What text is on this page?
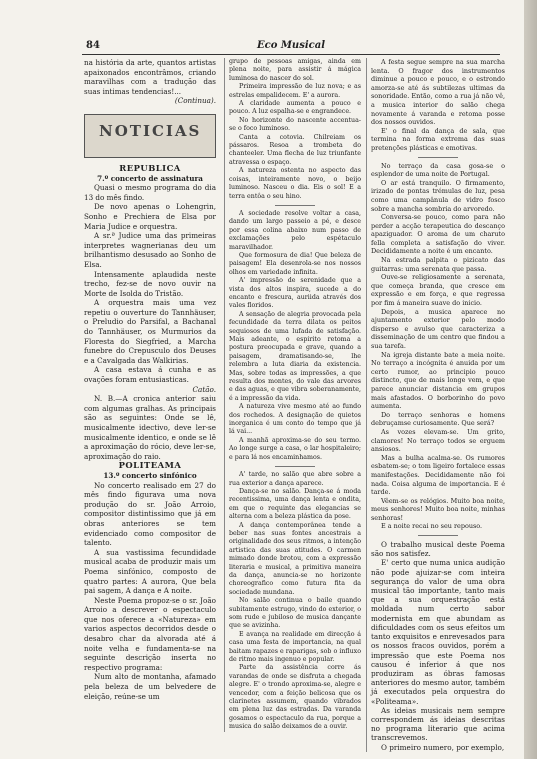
84	Eco Musical

na história da arte, quantos artistas apaixonados encontrâmos, criando maravilhas com a tradução das suas intimas tendencias!...

(Continua).

NOTICIAS

REPUBLICA

7.º concerto de assinatura

Quasi o mesmo programa do dia 13 do mês findo.

De novo apenas o Lohengrin, Sonho e Prechiera de Elsa por Maria Judice e orquestra.

A sr.ª Judice uma das primeiras interpretes wagnerianas deu um brilhantismo desusado ao Sonho de Elsa.

Intensamente aplaudida neste trecho, fez-se de novo ouvir na Morte de Isolda do Tristão.

A orquestra mais uma vez repetiu o ouverture do Tannhäuser, o Preludio do Parsifal, a Bachanal do Tannhäuser, os Murmurios da Floresta do Siegfried, a Marcha funebre do Crepusculo dos Deuses e a Cavalgada das Walkirias.

A casa estava á cunha e as ovações foram entusiasticas.

Catão.

N. B.—A cronica anterior saiu com algumas gralhas. As principais são as seguintes: Onde se lê, musicalmente idectivo, deve ler-se musicalmente identico, e onde se lê a aproximação do rócio, deve ler-se, aproximação do raio.

POLITEAMA

13.º concerto sinfónico

No concerto realisado em 27 do mês findo figurava uma nova produção do sr. João Arroio, compositor distintissimo que já em obras anteriores se tem evidenciado como compositor de talento.

A sua vastissima fecundidade musical acaba de produzir mais um Poema sinfónico, composto de quatro partes: A aurora, Que bela pai sagem, A dança e A noite.

Neste Poema propoz-se o sr. João Arroio a descrever o espectaculo que nos oferece a «Natureza» em varios aspectos decorridos desde o desabro char da alvorada até á noite velha e fundamenta-se na seguinte descrição inserta no respectivo programa:

Num alto de montanha, afamado pela beleza de um belvedere de eleição, reúne-se um

grupo de pessoas amigas, ainda em plena noite, para assistir á mágica luminosa do nascer do sol.

Primeira impressão de luz nova; e as estrelas empalidecem. E' a aurora.

A claridade aumenta a pouco e pouco. A luz espalha-se e engrandece.

No horizonte do nascente accentua-se o foco luminoso.

Canta a cotovia. Chilreiam os pássaros. Resoa a trombeta do chanteeler. Uma flecha de luz triunfante atravessa o espaço.

A natureza ostenta no aspecto das coisas, inteiramente novo, o beijo luminoso. Nasceu o dia. Eis o sol! E a terra entôa o seu hino.

A sociedade resolve voltar a casa, dando um largo passeio a pé, e desce por essa colina abaixo num passo de exclamações pelo espétaculo maravilhador.

Que formosura de dia! Que beleza de paisagem! Ela desenrola-se nos nossos olhos em variedade infinita.

A' impressão de serenidade que a vista dos altos inspira, sucede a do encanto e frescura, auriida através dos vales floridos.

A sensação de alegria provocada pela fecundidade da terra dilata os peitos sequiosos de uma lufada de satisfação. Mais adeante, o espirito retoma a postura preocupada e grave, quando a paisagem, dramatisando-se, lhe relembra a luta diaria da existencia. Mas, sobre todas as impressões, a que resulta dos montes, do vale das arvores e das aguas, e que vibra soberanamente, é a impressão da vida.

A natureza vive mesmo até ao fundo dos rochedos. A designação de quietos inorganica é um conto do tempo que já lá vai...

A manhã aproxima-se do seu termo. Ao longe surge a casa, o lar hospitaleiro; e para lá nos encaminhamos.

A' tarde, no salão que abre sobre a rua exterior a dança aparece.

Dança-se no salão. Dança-se á moda recentissima, uma dança lenta e ondita, em que o requinte das elegancias se alterna com a beleza plástica da pose.

A dança contemporânea tende a beber nas suas fontes ancestrais a originalidade dos seus ritmos, a intenção artistica das suas atitudes. O carmen mimado donde brotou, com a expressão literaria e musical, a primitiva maneira da dança, anuncia-se no horizonte choreografico como futura fita da sociedade mundana.

No salão continua o baile quando subitamente estrugo, vindo do exterior, o som rude e jubiloso de musica dançante que se avizinha.

E avança na realidade em direcção á casa uma festa de importancia, na qual baitam rapazes e raparigas, sob o influxo de ritmo mais ingenuo e popular.

Parte da assistência corre ás varandas de onde se disfruta a chegada alegre. E' o trondo aproxima-se, alegre e vencedor, com a feição belicosa que os clarinetes assumem, quando vibrados em plena luz das estradas. Da varanda gosamos o espectaculo da rua, porque a musica do salão deixamos de a ouvir.

A festa segue sempre na sua marcha lenta. O fragor dos instrumentos diminue a pouco e pouco, e o estrondo amorza-se até ás subtilezas ultimas da sonoridade. Então, como a rua já não vê, a musica interior do salão chega novamente á varanda e retoma posse dos nossos ouvidos.

E' o final da dança de sala, que termina na forma extrema das suas pretenções plásticas e emotivas.

No terraço da casa gosa-se o esplendor de uma noite de Portugal.

O ar está tranquilo. O firmamento, irizado de pontas trémulas de luz, pesa como uma campânula de vidro fosco sobre a mancha sombria do arvoredo.

Conversa-se pouco, como para não perder a acção terapeutica do descanço apaziguador. O aroma de um charuto fella completa a satisfação do viver. Decididamente a noite é um encanto.

Na estrada palpita o pizicato das guitarras: uma serenata que passa.

Ouve-se religiosamente a serenata, que começa branda, que cresce em expressão e em força, e que regressa por fim á maneira suave do inicio.

Depois, a musica aparece no ajuntamento exterior pelo modo disperso e avulso que caracteriza a disseminação de um centro que findou a sua tarefa.

Na igreja distante bate a meia noite. No terraço a incógnita é anuida por um certo rumor, ao principio pouco distincto, que de mais longe vem, e que parece anunciar distancia em grupos mais afastados. O borborinho do povo aumenta.

Do terraço senhoras e homens debruçamse curiosamente. Que será?

As vozes elevam-se. Um grito, clamores! No terraço todos se erguem ansiosos.

Mas a bulha acalma-se. Os rumores esbatem-se; o tom ligeiro fortalece essas manifestações. Decididamente não foi nada. Coisa alguma de importancia. E é tarde.

Vêem-se os relógios. Muito boa noite, meus senhores! Muito boa noite, minhas senhoras!

E a noite recai no seu repouso.

O trabalho musical deste Poema são nos satisfez.

E' certo que numa unica audição não pode ajuizar-se com inteira segurança do valor de uma obra musical tão importante, tanto mais que a sua orquestração está moldada num certo sabor modernista em que abundam as dificuldades com os seus efeitos um tanto exquisitos e enrevesados para os nossos fracos ouvidos, porém a impressão que este Poema nos causou é inferior á que nos produziram as óbras famosas anteriores do mesmo autor, também já executados pela orquestra do «Politeama».

As ideias musicais nem sempre correspondem ás ideias descritas no programa literario que acima transcrevemos.

O primeiro numero, por exemplo,
